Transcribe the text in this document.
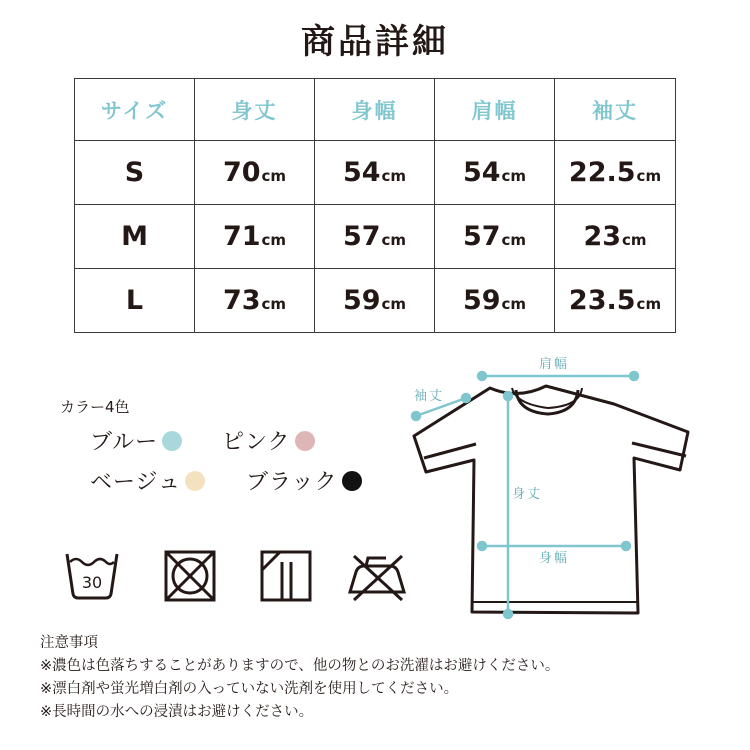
商品詳細
サイズ	身丈	身幅	肩幅	袖丈
S	70cm	54cm	54cm	22.5cm
M	71cm	57cm	57cm	23cm
L	73cm	59cm	59cm	23.5cm
カラー4色
ブルー	ピンク
ベージュ	ブラック
30
肩幅
袖丈
身丈
身幅
注意事項
※濃色は色落ちすることがありますので、他の物とのお洗濯はお避けください。
※漂白剤や蛍光増白剤の入っていない洗剤を使用してください。
※長時間の水への浸漬はお避けください。
